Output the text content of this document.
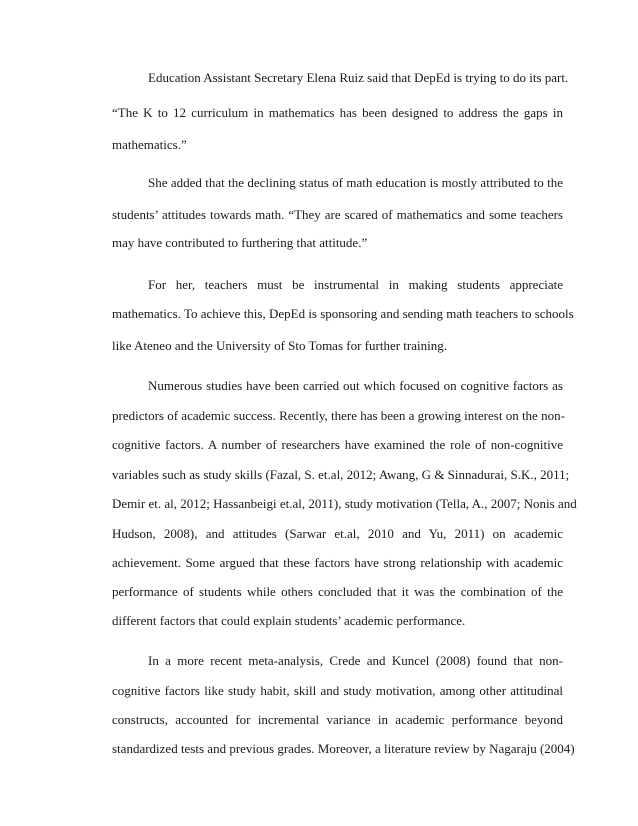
Education Assistant Secretary Elena Ruiz said that DepEd is trying to do its part.
“The K to 12 curriculum in mathematics has been designed to address the gaps in
mathematics.”
She added that the declining status of math education is mostly attributed to the
students’ attitudes towards math. “They are scared of mathematics and some teachers
may have contributed to furthering that attitude.”
For her, teachers must be instrumental in making students appreciate
mathematics. To achieve this, DepEd is sponsoring and sending math teachers to schools
like Ateneo and the University of Sto Tomas for further training.
Numerous studies have been carried out which focused on cognitive factors as
predictors of academic success. Recently, there has been a growing interest on the non-
cognitive factors. A number of researchers have examined the role of non-cognitive
variables such as study skills (Fazal, S. et.al, 2012; Awang, G & Sinnadurai, S.K., 2011;
Demir et. al, 2012; Hassanbeigi et.al, 2011), study motivation (Tella, A., 2007; Nonis and
Hudson, 2008), and attitudes (Sarwar et.al, 2010 and Yu, 2011) on academic
achievement. Some argued that these factors have strong relationship with academic
performance of students while others concluded that it was the combination of the
different factors that could explain students’ academic performance.
In a more recent meta-analysis, Crede and Kuncel (2008) found that non-
cognitive factors like study habit, skill and study motivation, among other attitudinal
constructs, accounted for incremental variance in academic performance beyond
standardized tests and previous grades. Moreover, a literature review by Nagaraju (2004)
